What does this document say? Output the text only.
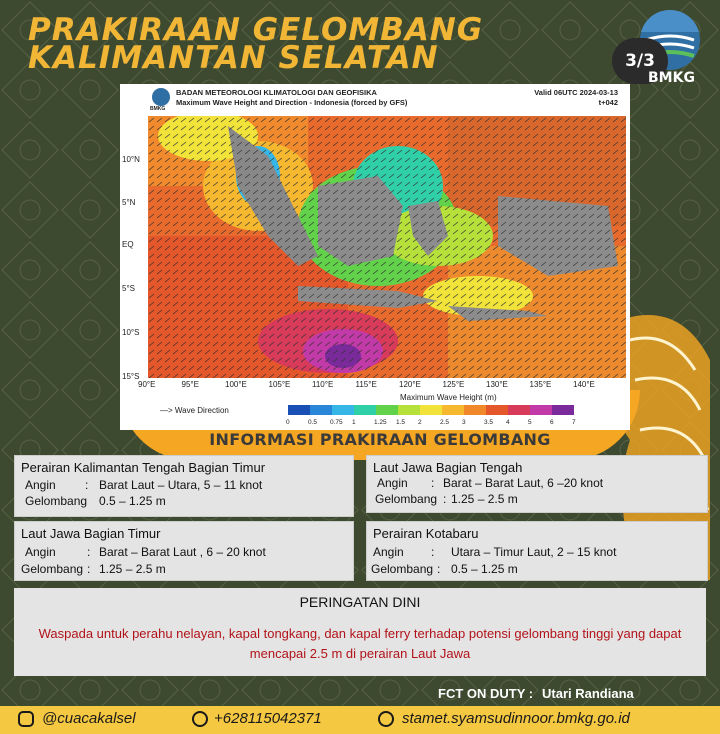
PRAKIRAAN GELOMBANG
KALIMANTAN SELATAN	3/3
BMKG
BMKG
BADAN METEOROLOGI KLIMATOLOGI DAN GEOFISIKA
Maximum Wave Height and Direction - Indonesia (forced by GFS)
Valid 06UTC 2024-03-13
t+042
10°N
5°N
EQ
5°S
10°S
15°S
90°E	95°E	100°E	105°E	110°E	115°E	120°E	125°E	130°E	135°E	140°E
—> Wave Direction
Maximum Wave Height (m)
0	0.5 0.75 1	1.25 1.5 2	2.5 3	3.5 4	5	6	7
INFORMASI PRAKIRAAN GELOMBANG
Perairan Kalimantan Tengah Bagian Timur
Angin : Barat Laut – Utara, 5 – 11 knot
Gelombang 0.5 – 1.25 m
Laut Jawa Bagian Tengah
Angin : Barat – Barat Laut, 6 –20 knot
Gelombang : 1.25 – 2.5 m
Laut Jawa Bagian Timur
Angin	: Barat – Barat Laut , 6 – 20 knot
Gelombang : 1.25 – 2.5 m
Perairan Kotabaru
Angin : Utara – Timur Laut, 2 – 15 knot
Gelombang : 0.5 – 1.25 m
PERINGATAN DINI
Waspada untuk perahu nelayan, kapal tongkang, dan kapal ferry terhadap potensi gelombang tinggi yang dapat mencapai 2.5 m di perairan Laut Jawa
FCT ON DUTY : Utari Randiana
@cuacakalsel	+628115042371	stamet.syamsudinnoor.bmkg.go.id
